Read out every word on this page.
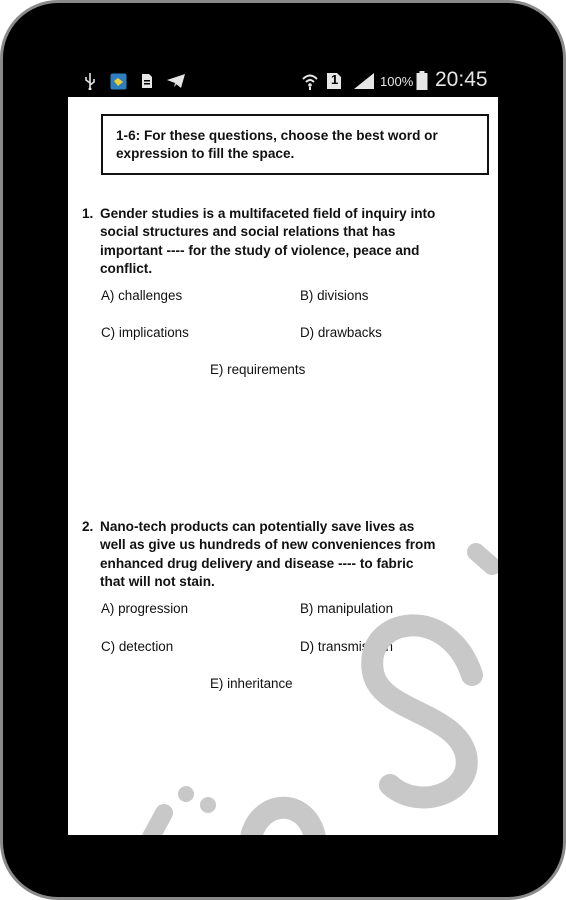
1	100% 20:45
1-6: For these questions, choose the best word or expression to fill the space.
1. Gender studies is a multifaceted field of inquiry into
social structures and social relations that has
important ---- for the study of violence, peace and
conflict.
A) challenges	B) divisions
C) implications	D) drawbacks
E) requirements
2. Nano-tech products can potentially save lives as
well as give us hundreds of new conveniences from
enhanced drug delivery and disease ---- to fabric
that will not stain.
A) progression	B) manipulation
C) detection	D) transmission
E) inheritance
